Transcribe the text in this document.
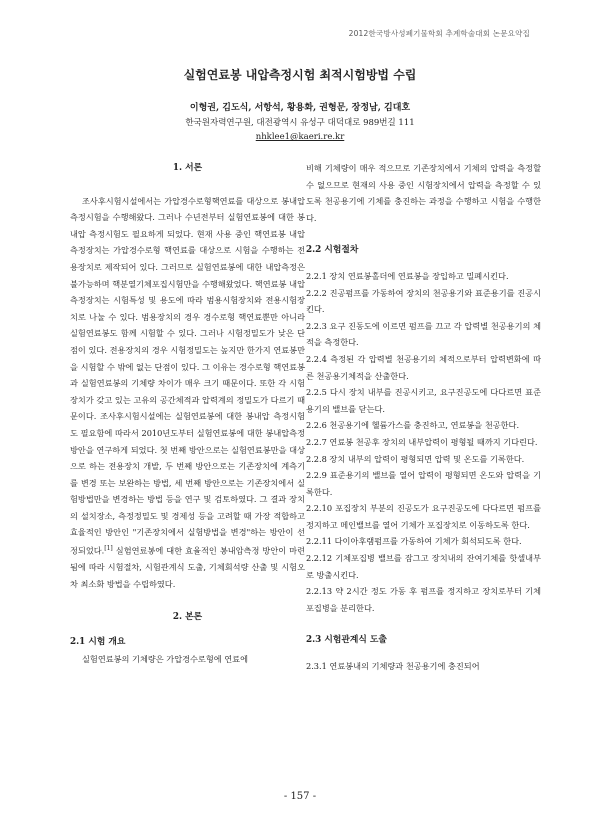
2012한국방사성폐기물학회 추계학술대회 논문요약집
실험연료봉 내압측정시험 최적시험방법 수립
이형권, 김도식, 서항석, 황용화, 권형문, 장정남, 김대호
한국원자력연구원, 대전광역시 유성구 대덕대로 989번길 111
nhklee1@kaeri.re.kr
1. 서론

조사후시험시설에서는 가압경수로형핵연료를 대상으로 봉내압측정시험을 수행해왔다. 그러나 수년전부터 실험연료봉에 대한 봉내압 측정시험도 필요하게 되었다. 현재 사용 중인 핵연료봉 내압측정장치는 가압경수로형 핵연료를 대상으로 시험을 수행하는 전용장치로 제작되어 있다. 그러므로 실험연료봉에 대한 내압측정은 불가능하며 핵분열기체포집시험만을 수행해왔었다. 핵연료봉 내압측정장치는 시험특성 및 용도에 따라 범용시험장치와 전용시험장치로 나눌 수 있다. 범용장치의 경우 경수로형 핵연료뿐만 아니라 실험연료봉도 함께 시험할 수 있다. 그러나 시험정밀도가 낮은 단점이 있다. 전용장치의 경우 시험정밀도는 높지만 한가지 연료봉만을 시험할 수 밖에 없는 단점이 있다. 그 이유는 경수로형 핵연료봉과 실험연료봉의 기체량 차이가 매우 크기 때문이다. 또한 각 시험장치가 갖고 있는 고유의 공간체적과 압력계의 정밀도가 다르기 때문이다. 조사후시험시설에는 실험연료봉에 대한 봉내압 측정시험도 필요함에 따라서 2010년도부터 실험연료봉에 대한 봉내압측정 방안을 연구하게 되었다. 첫 번째 방안으로는 실험연료봉만을 대상으로 하는 전용장치 개발, 두 번째 방안으로는 기존장치에 계측기를 변경 또는 보완하는 방법, 세 번째 방안으로는 기존장치에서 실험방법만을 변경하는 방법 등을 연구 및 검토하였다. 그 결과 장치의 설치장소, 측정정밀도 및 경제성 등을 고려할 때 가장 적합하고 효율적인 방안인 "기존장치에서 실험방법을 변경"하는 방안이 선정되었다.[1] 실험연료봉에 대한 효율적인 봉내압측정 방안이 마련됨에 따라 시험절차, 시험관계식 도출, 기체회석량 산출 및 시험오차 최소화 방법을 수립하였다.

2. 본론
2.1 시험 개요

실험연료봉의 기체량은 가압경수로형에 연료에

비해 기체량이 매우 적으므로 기존장치에서 기체의 압력을 측정할 수 없으므로 현재의 사용 중인 시험장치에서 압력을 측정할 수 있도록 천공용기에 기체를 충진하는 과정을 수행하고 시험을 수행한다.

2.2 시험절차

2.2.1 장치 연료봉홀더에 연료봉을 장입하고 밀폐시킨다.

2.2.2 진공펌프를 가동하여 장치의 천공용기와 표준용기를 진공시킨다.

2.2.3 요구 진동도에 이르면 펌프를 끄고 각 압력별 천공용기의 체적을 측정한다.

2.2.4 측정된 각 압력별 천공용기의 체적으로부터 압력변화에 따른 천공용기체적을 산출한다.

2.2.5 다시 장치 내부를 진공시키고, 요구진공도에 다다르면 표준용기의 밸브를 닫는다.

2.2.6 천공용기에 헬륨가스를 충진하고, 연료봉을 천공한다.

2.2.7 연료봉 천공후 장치의 내부압력이 평형될 때까지 기다린다.

2.2.8 장치 내부의 압력이 평형되면 압력 및 온도를 기록한다.

2.2.9 표준용기의 밸브를 열어 압력이 평형되면 온도와 압력을 기록한다.

2.2.10 포집장치 부분의 진공도가 요구진공도에 다다르면 펌프를 정지하고 메인밸브를 열어 기체가 포집장치로 이동하도록 한다.

2.2.11 다이아후램펌프를 가동하여 기체가 회석되도록 한다.

2.2.12 기체포집병 밸브를 잠그고 장치내의 잔여기체를 핫셀내부로 방출시킨다.

2.2.13 약 2시간 정도 가동 후 펌프를 정지하고 장치로부터 기체포집병을 분리한다.

2.3 시험관계식 도출

2.3.1 연료봉내의 기체량과 천공용기에 충진되어

- 157 -
